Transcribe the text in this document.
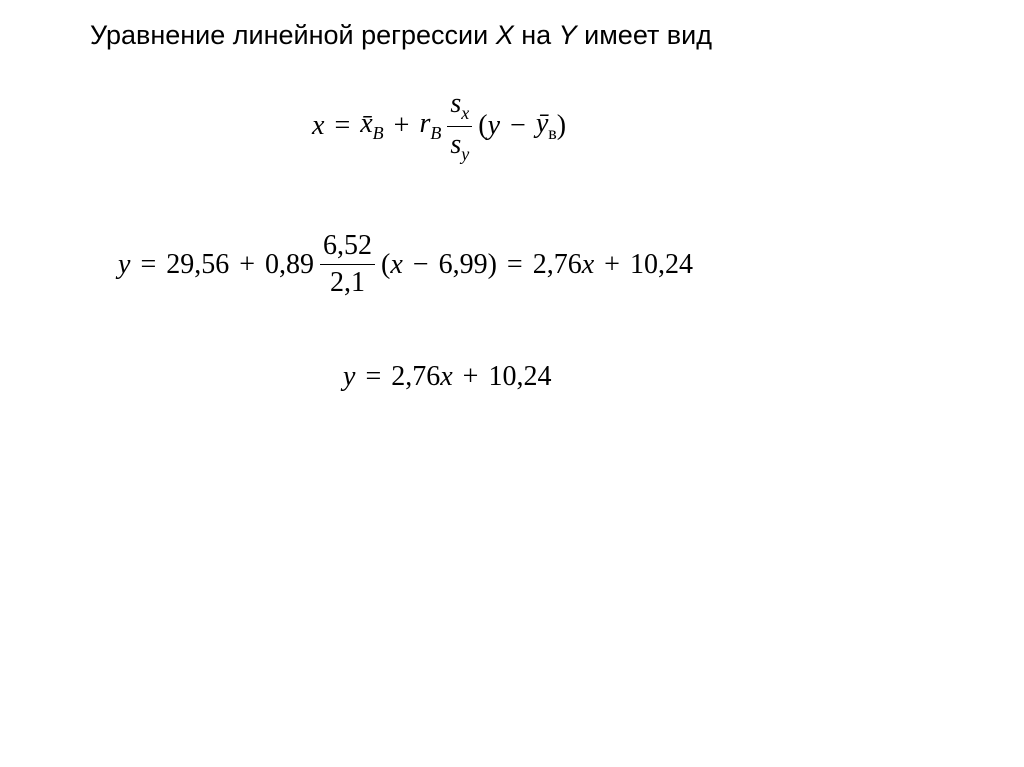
Уравнение линейной регрессии X на Y имеет вид
$x = x̄_B + r_B \frac{s_x}{s_y}$ ( $y - ȳ_в$ )
$y = 29,56 + 0,89 \frac{6,52}{2,1}$ ( x − 6,99 ) = 2,76 x + 10,24
y = 2,76 x + 10,24
